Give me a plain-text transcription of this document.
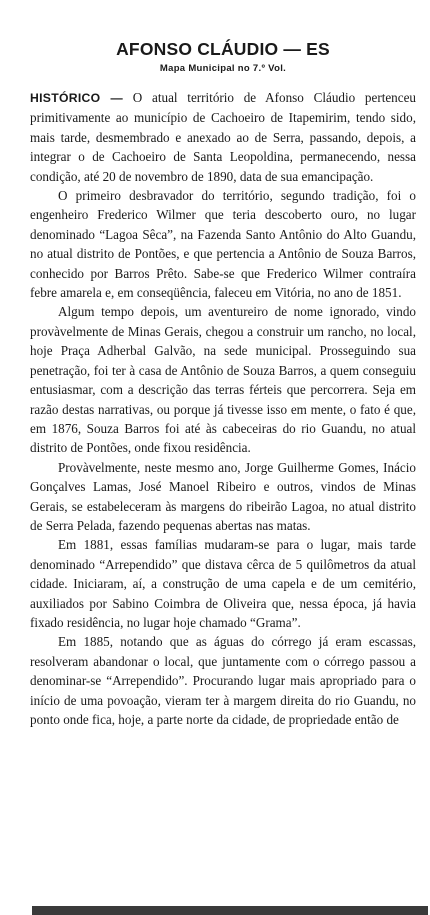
AFONSO CLÁUDIO — ES
Mapa Municipal no 7.º Vol.

HISTÓRICO — O atual território de Afonso Cláudio pertenceu primitivamente ao município de Cachoeiro de Itapemirim, tendo sido, mais tarde, desmembrado e anexado ao de Serra, passando, depois, a integrar o de Cachoeiro de Santa Leopoldina, permanecendo, nessa condição, até 20 de novembro de 1890, data de sua emancipação.

O primeiro desbravador do território, segundo tradição, foi o engenheiro Frederico Wilmer que teria descoberto ouro, no lugar denominado “Lagoa Sêca”, na Fazenda Santo Antônio do Alto Guandu, no atual distrito de Pontões, e que pertencia a Antônio de Souza Barros, conhecido por Barros Prêto. Sabe-se que Frederico Wilmer contraíra febre amarela e, em conseqüência, faleceu em Vitória, no ano de 1851.

Algum tempo depois, um aventureiro de nome ignorado, vindo provàvelmente de Minas Gerais, chegou a construir um rancho, no local, hoje Praça Adherbal Galvão, na sede municipal. Prosseguindo sua penetração, foi ter à casa de Antônio de Souza Barros, a quem conseguiu entusiasmar, com a descrição das terras férteis que percorrera. Seja em razão destas narrativas, ou porque já tivesse isso em mente, o fato é que, em 1876, Souza Barros foi até às cabeceiras do rio Guandu, no atual distrito de Pontões, onde fixou residência.

Provàvelmente, neste mesmo ano, Jorge Guilherme Gomes, Inácio Gonçalves Lamas, José Manoel Ribeiro e outros, vindos de Minas Gerais, se estabeleceram às margens do ribeirão Lagoa, no atual distrito de Serra Pelada, fazendo pequenas abertas nas matas.

Em 1881, essas famílias mudaram-se para o lugar, mais tarde denominado “Arrependido” que distava cêrca de 5 quilômetros da atual cidade. Iniciaram, aí, a construção de uma capela e de um cemitério, auxiliados por Sabino Coimbra de Oliveira que, nessa época, já havia fixado residência, no lugar hoje chamado “Grama”.

Em 1885, notando que as águas do córrego já eram escassas, resolveram abandonar o local, que juntamente com o córrego passou a denominar-se “Arrependido”. Procurando lugar mais apropriado para o início de uma povoação, vieram ter à margem direita do rio Guandu, no ponto onde fica, hoje, a parte norte da cidade, de propriedade então de
